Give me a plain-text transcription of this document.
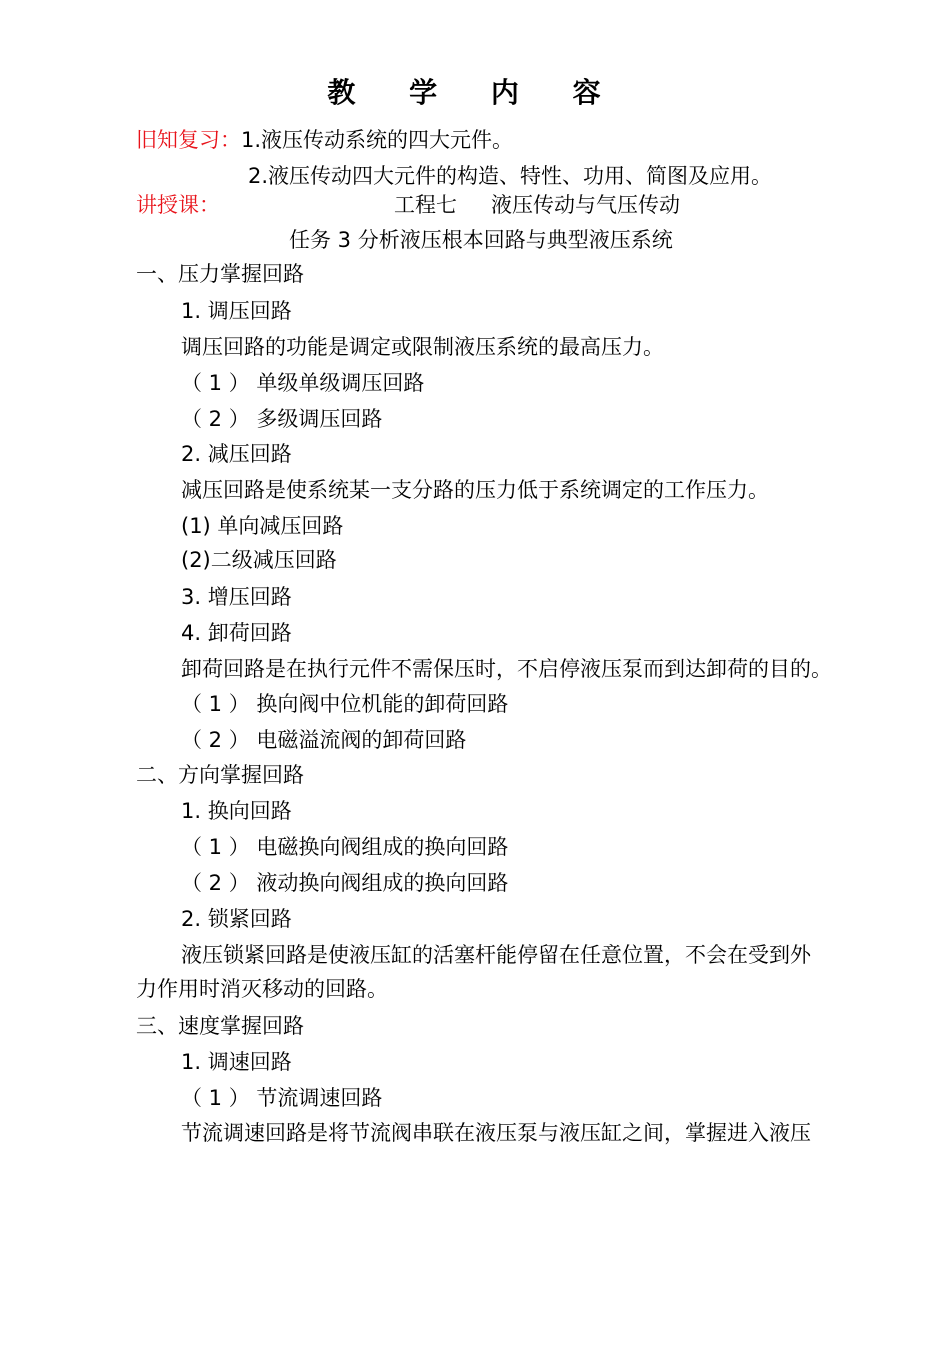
教 学 内 容
旧知复习：1.液压传动系统的四大元件。
2.液压传动四大元件的构造、特性、功用、简图及应用。
讲授课：	工程七 液压传动与气压传动
任务 3 分析液压根本回路与典型液压系统
一、压力掌握回路
1. 调压回路
调压回路的功能是调定或限制液压系统的最高压力。
（ 1 ） 单级单级调压回路
（ 2 ） 多级调压回路
2. 减压回路
减压回路是使系统某一支分路的压力低于系统调定的工作压力。
(1) 单向减压回路
(2)二级减压回路
3. 增压回路
4. 卸荷回路
卸荷回路是在执行元件不需保压时，不启停液压泵而到达卸荷的目的。
（ 1 ） 换向阀中位机能的卸荷回路
（ 2 ） 电磁溢流阀的卸荷回路
二、方向掌握回路
1. 换向回路
（ 1 ） 电磁换向阀组成的换向回路
（ 2 ） 液动换向阀组成的换向回路
2. 锁紧回路
液压锁紧回路是使液压缸的活塞杆能停留在任意位置，不会在受到外
力作用时消灭移动的回路。
三、速度掌握回路
1. 调速回路
（ 1 ） 节流调速回路
节流调速回路是将节流阀串联在液压泵与液压缸之间，掌握进入液压
